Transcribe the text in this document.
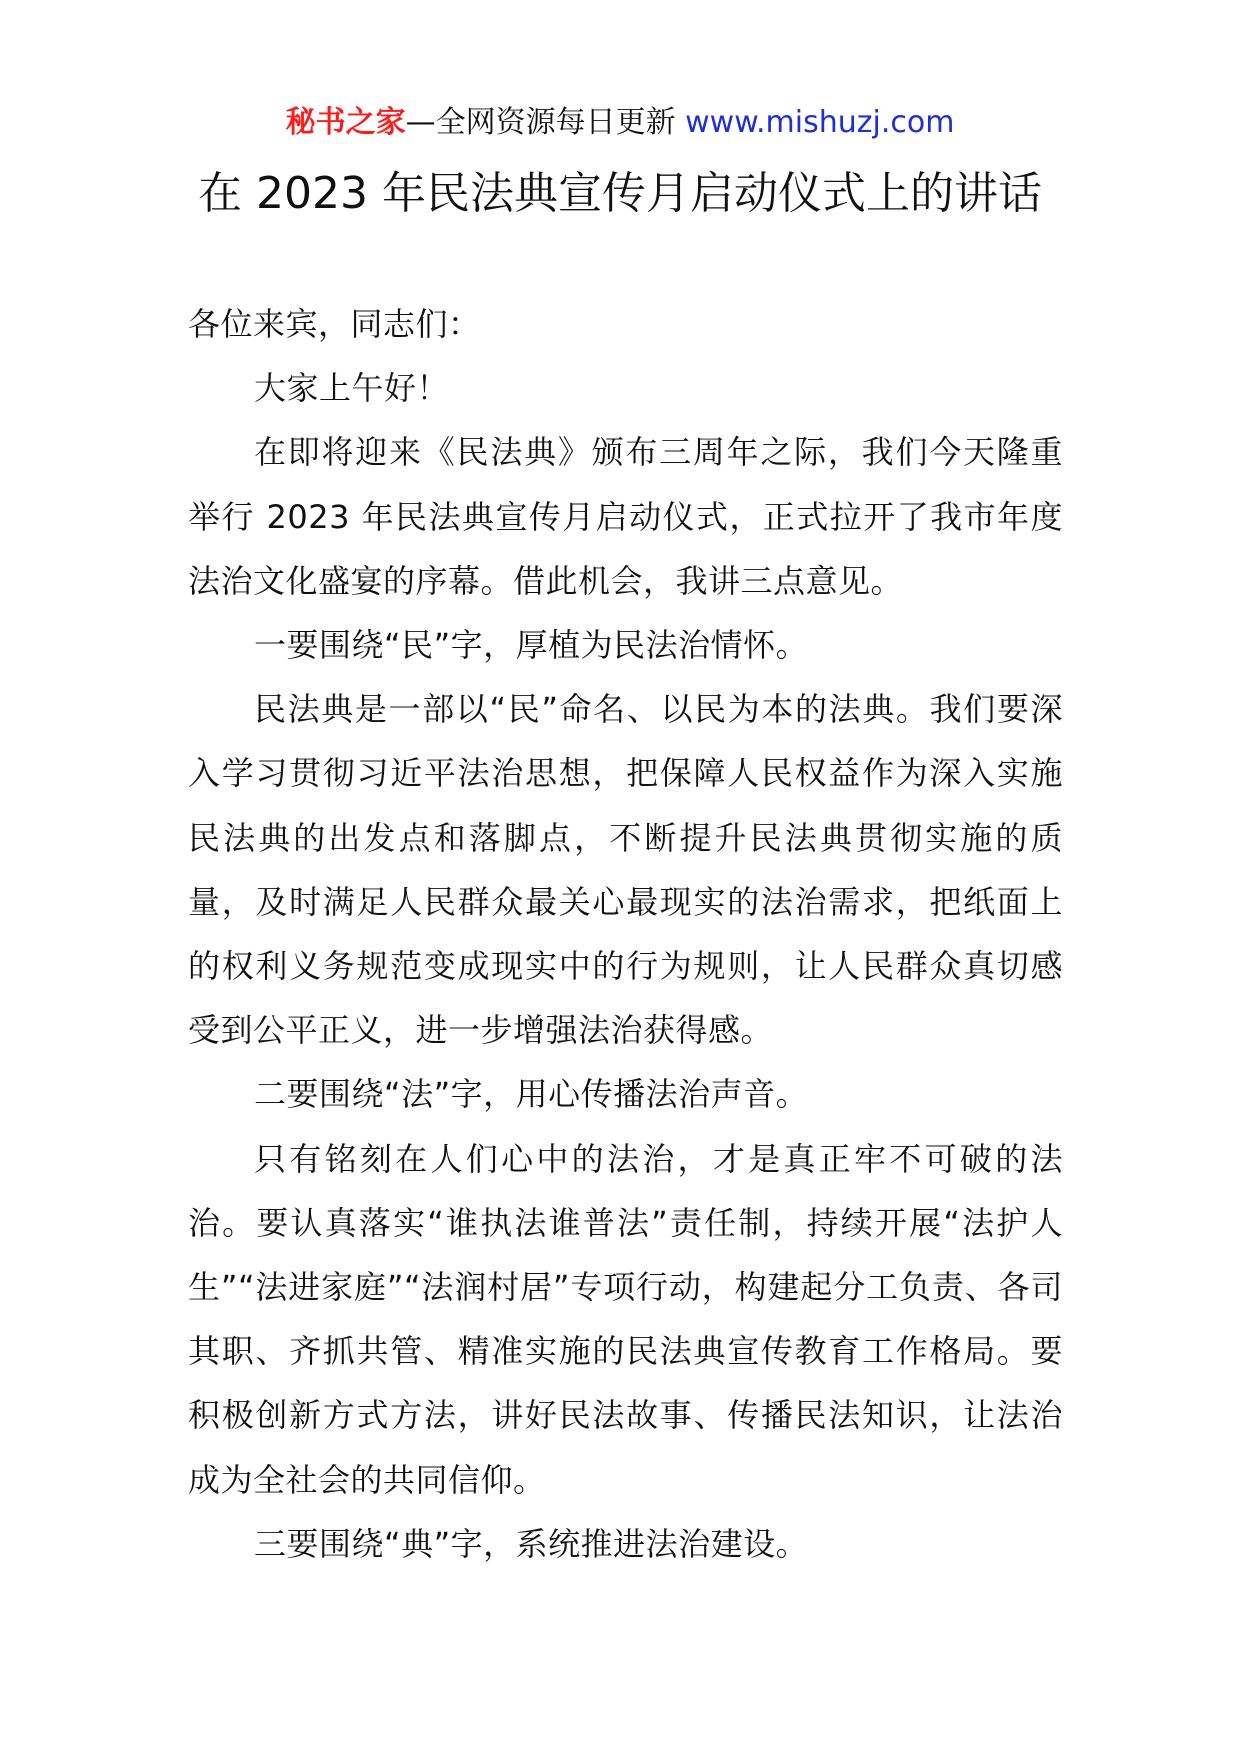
秘书之家—全网资源每日更新 www.mishuzj.com
在 2023 年民法典宣传月启动仪式上的讲话

各位来宾，同志们：

大家上午好！

在即将迎来《民法典》颁布三周年之际，我们今天隆重举行 2023 年民法典宣传月启动仪式，正式拉开了我市年度法治文化盛宴的序幕。借此机会，我讲三点意见。

一要围绕“民”字，厚植为民法治情怀。

民法典是一部以“民”命名、以民为本的法典。我们要深入学习贯彻习近平法治思想，把保障人民权益作为深入实施民法典的出发点和落脚点，不断提升民法典贯彻实施的质量，及时满足人民群众最关心最现实的法治需求，把纸面上的权利义务规范变成现实中的行为规则，让人民群众真切感受到公平正义，进一步增强法治获得感。

二要围绕“法”字，用心传播法治声音。

只有铭刻在人们心中的法治，才是真正牢不可破的法治。要认真落实“谁执法谁普法”责任制，持续开展“法护人生”“法进家庭”“法润村居”专项行动，构建起分工负责、各司其职、齐抓共管、精准实施的民法典宣传教育工作格局。要积极创新方式方法，讲好民法故事、传播民法知识，让法治成为全社会的共同信仰。

三要围绕“典”字，系统推进法治建设。
